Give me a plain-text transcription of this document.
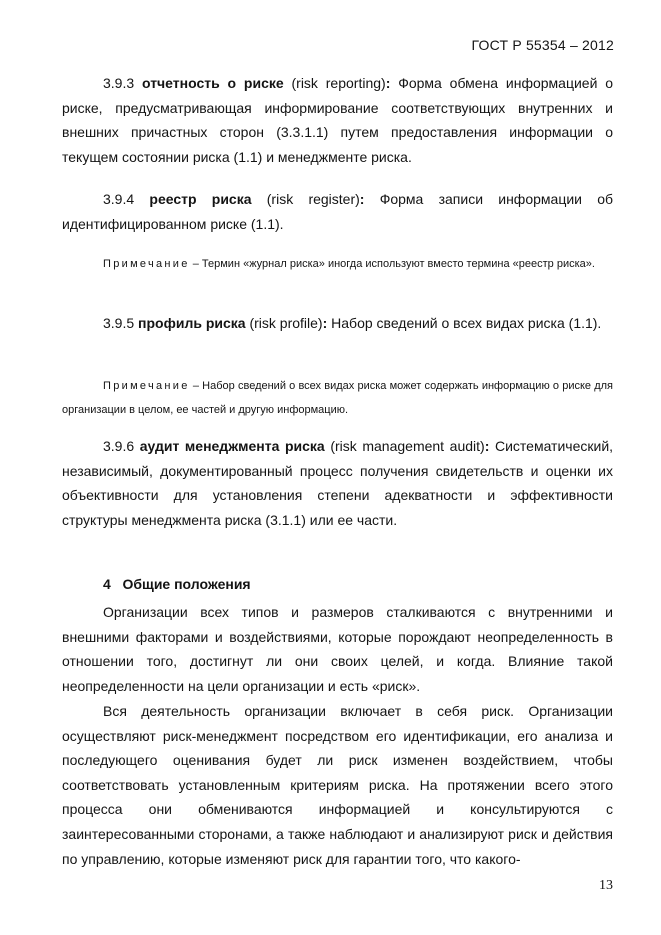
ГОСТ Р 55354 – 2012
3.9.3 отчетность о риске (risk reporting): Форма обмена информацией о риске, предусматривающая информирование соответствующих внутренних и внешних причастных сторон (3.3.1.1) путем предоставления информации о текущем состоянии риска (1.1) и менеджменте риска.
3.9.4 реестр риска (risk register): Форма записи информации об идентифицированном риске (1.1).
Примечание – Термин «журнал риска» иногда используют вместо термина «реестр риска».
3.9.5 профиль риска (risk profile): Набор сведений о всех видах риска (1.1).
Примечание – Набор сведений о всех видах риска может содержать информацию о риске для организации в целом, ее частей и другую информацию.
3.9.6 аудит менеджмента риска (risk management audit): Систематический, независимый, документированный процесс получения свидетельств и оценки их объективности для установления степени адекватности и эффективности структуры менеджмента риска (3.1.1) или ее части.
4 Общие положения
Организации всех типов и размеров сталкиваются с внутренними и внешними факторами и воздействиями, которые порождают неопределенность в отношении того, достигнут ли они своих целей, и когда. Влияние такой неопределенности на цели организации и есть «риск».
Вся деятельность организации включает в себя риск. Организации осуществляют риск-менеджмент посредством его идентификации, его анализа и последующего оценивания будет ли риск изменен воздействием, чтобы соответствовать установленным критериям риска. На протяжении всего этого процесса они обмениваются информацией и консультируются с заинтересованными сторонами, а также наблюдают и анализируют риск и действия по управлению, которые изменяют риск для гарантии того, что какого-
13
